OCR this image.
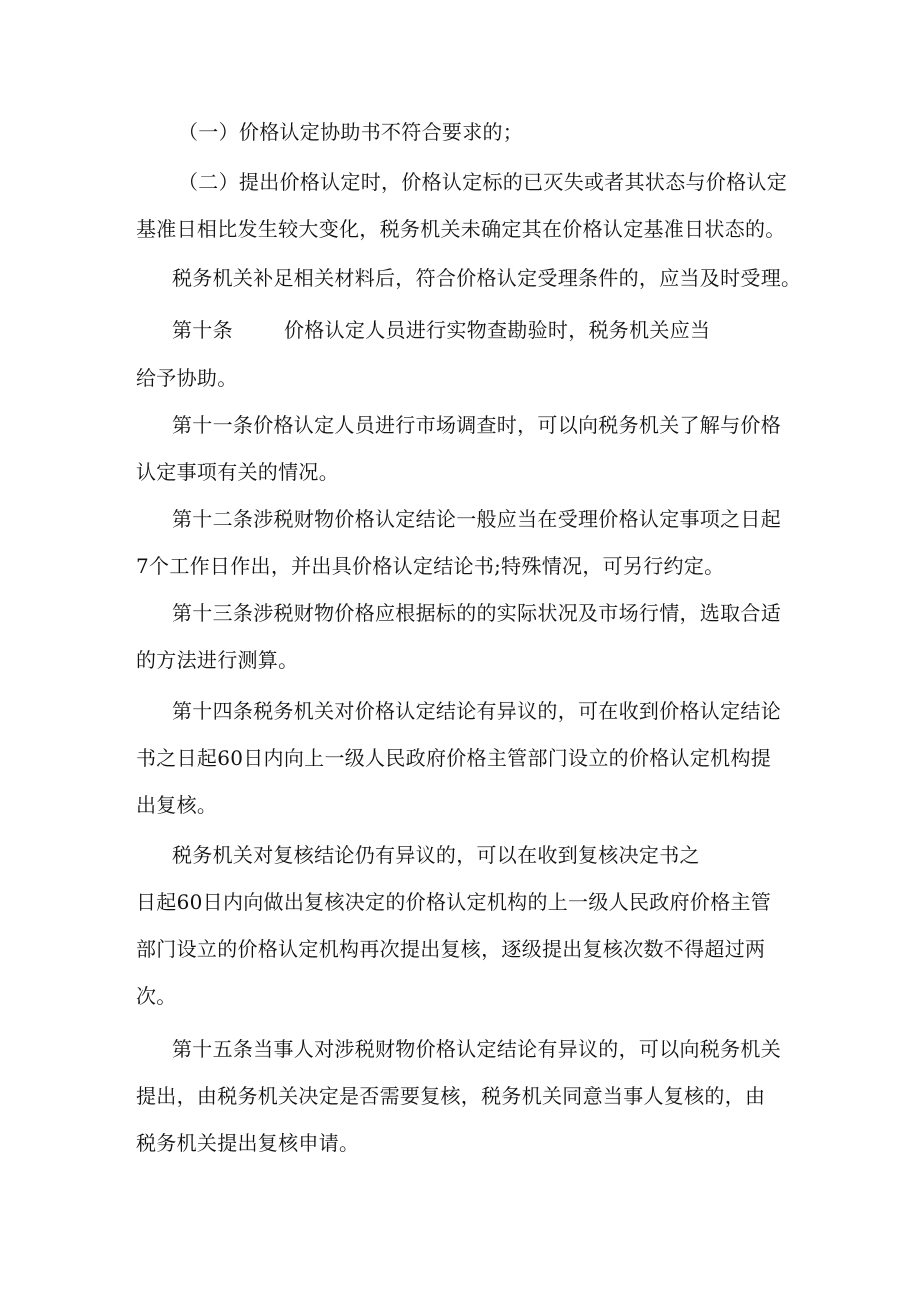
（一）价格认定协助书不符合要求的；
（二）提出价格认定时，价格认定标的已灭失或者其状态与价格认定
基准日相比发生较大变化，税务机关未确定其在价格认定基准日状态的。
税务机关补足相关材料后，符合价格认定受理条件的，应当及时受理。
第十条	价格认定人员进行实物查勘验时，税务机关应当
给予协助。
第十一条价格认定人员进行市场调查时，可以向税务机关了解与价格
认定事项有关的情况。
第十二条涉税财物价格认定结论一般应当在受理价格认定事项之日起
7个工作日作出，并出具价格认定结论书;特殊情况，可另行约定。
第十三条涉税财物价格应根据标的的实际状况及市场行情，选取合适
的方法进行测算。
第十四条税务机关对价格认定结论有异议的，可在收到价格认定结论
书之日起60日内向上一级人民政府价格主管部门设立的价格认定机构提
出复核。
税务机关对复核结论仍有异议的，可以在收到复核决定书之
日起60日内向做出复核决定的价格认定机构的上一级人民政府价格主管
部门设立的价格认定机构再次提出复核，逐级提出复核次数不得超过两
次。
第十五条当事人对涉税财物价格认定结论有异议的，可以向税务机关
提出，由税务机关决定是否需要复核，税务机关同意当事人复核的，由
税务机关提出复核申请。
